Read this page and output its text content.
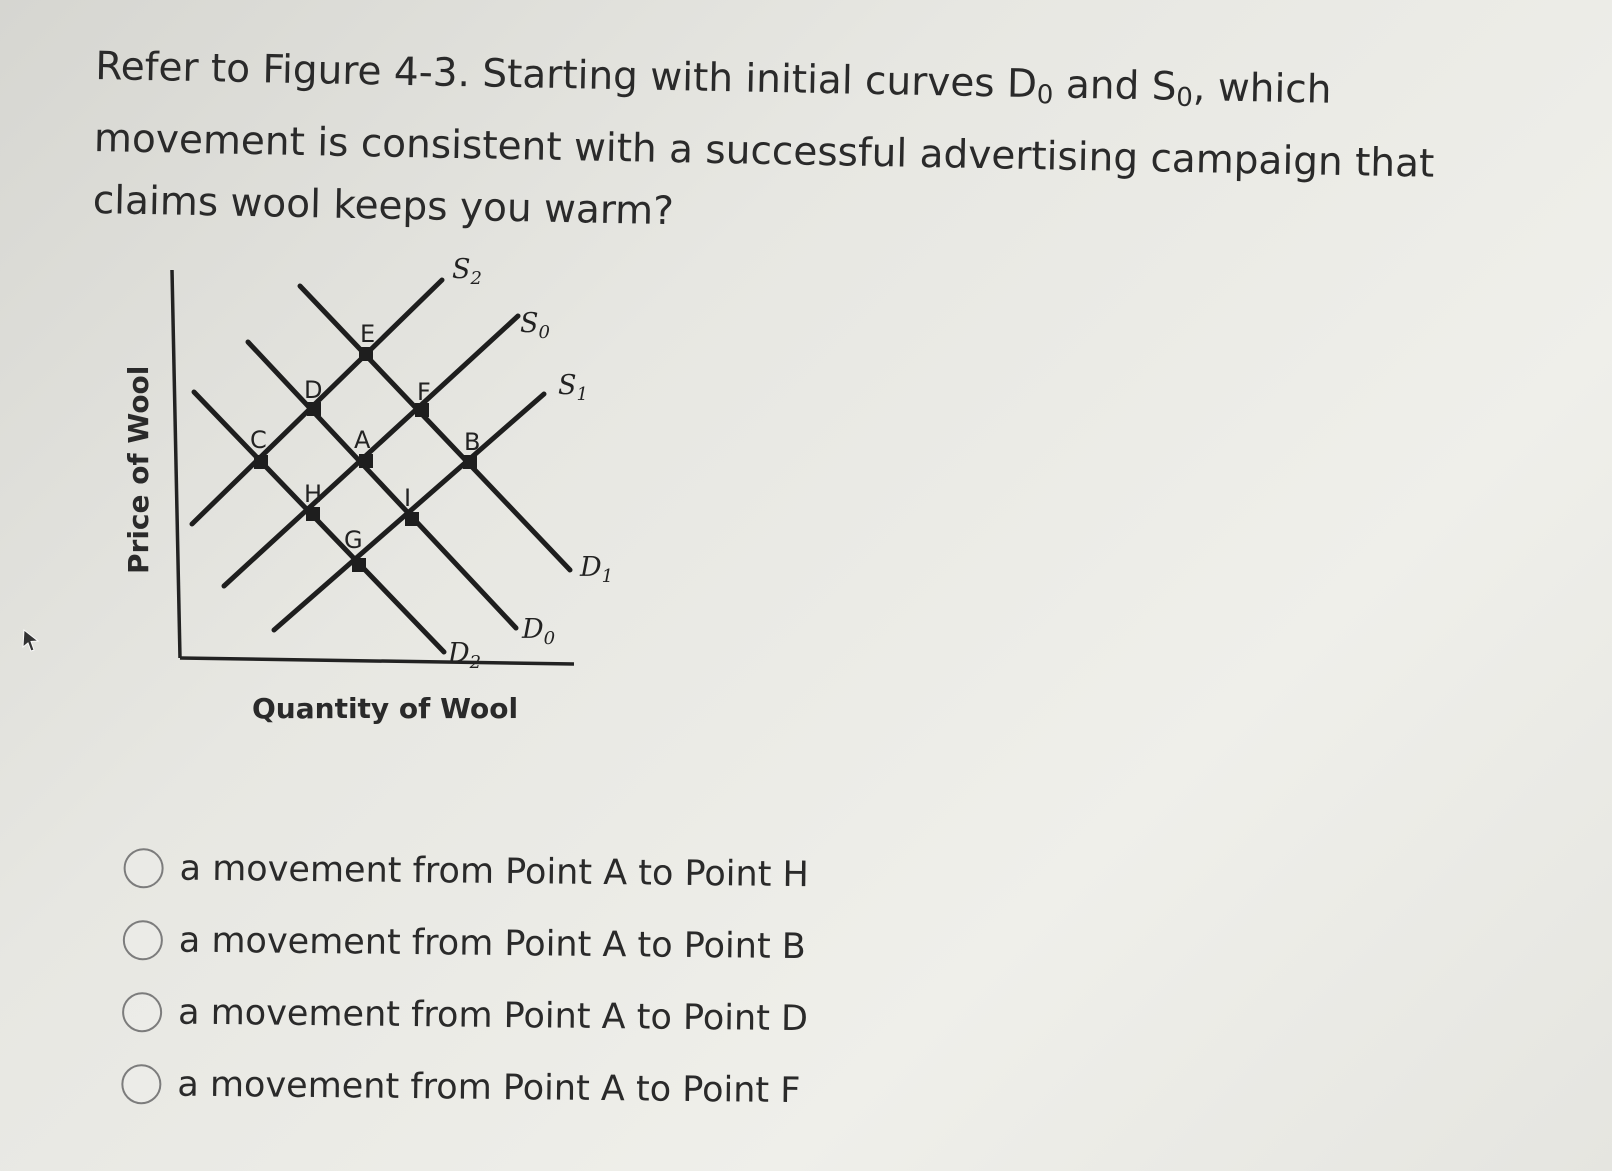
Refer to Figure 4-3. Starting with initial curves $D_0$ and $S_0$, which movement is consistent with a successful advertising campaign that claims wool keeps you warm?

E
D	F
C	A	B
H	I
G
$S_2$
$S_0$
$S_1$
$D_1$
$D_0$
$D_2$
Price of Wool
Quantity of Wool
a movement from Point A to Point H
a movement from Point A to Point B
a movement from Point A to Point D
a movement from Point A to Point F
